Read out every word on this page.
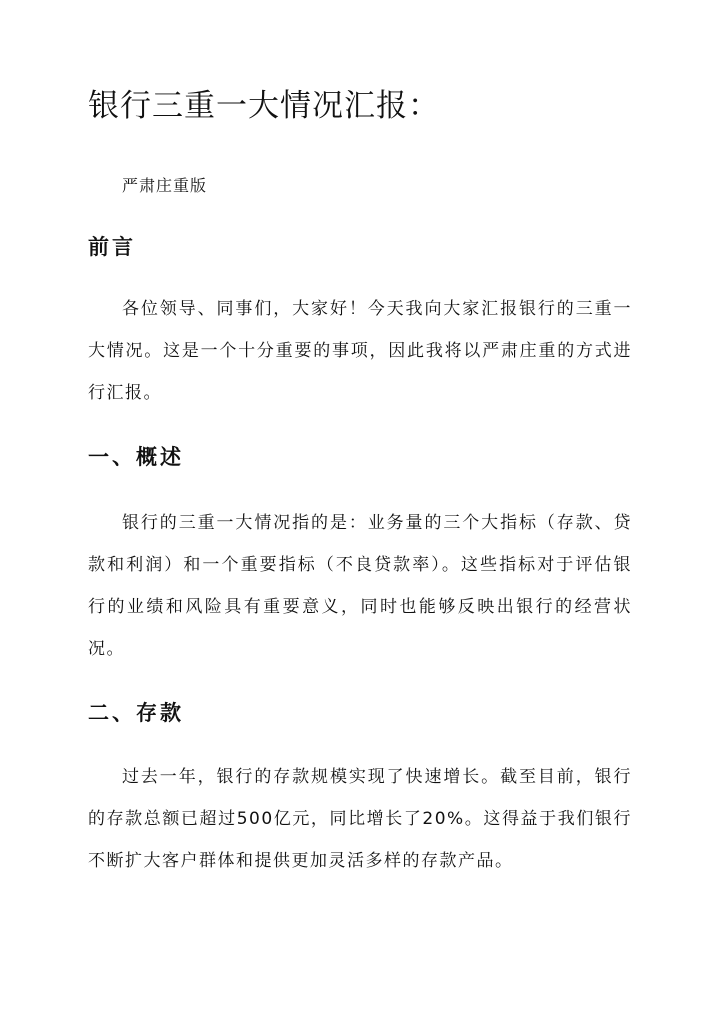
银行三重一大情况汇报：

严肃庄重版

前言

各位领导、同事们，大家好！今天我向大家汇报银行的三重一大情况。这是一个十分重要的事项，因此我将以严肃庄重的方式进行汇报。

一、概述

银行的三重一大情况指的是：业务量的三个大指标（存款、贷款和利润）和一个重要指标（不良贷款率）。这些指标对于评估银行的业绩和风险具有重要意义，同时也能够反映出银行的经营状况。

二、存款

过去一年，银行的存款规模实现了快速增长。截至目前，银行的存款总额已超过500亿元，同比增长了20%。这得益于我们银行不断扩大客户群体和提供更加灵活多样的存款产品。
